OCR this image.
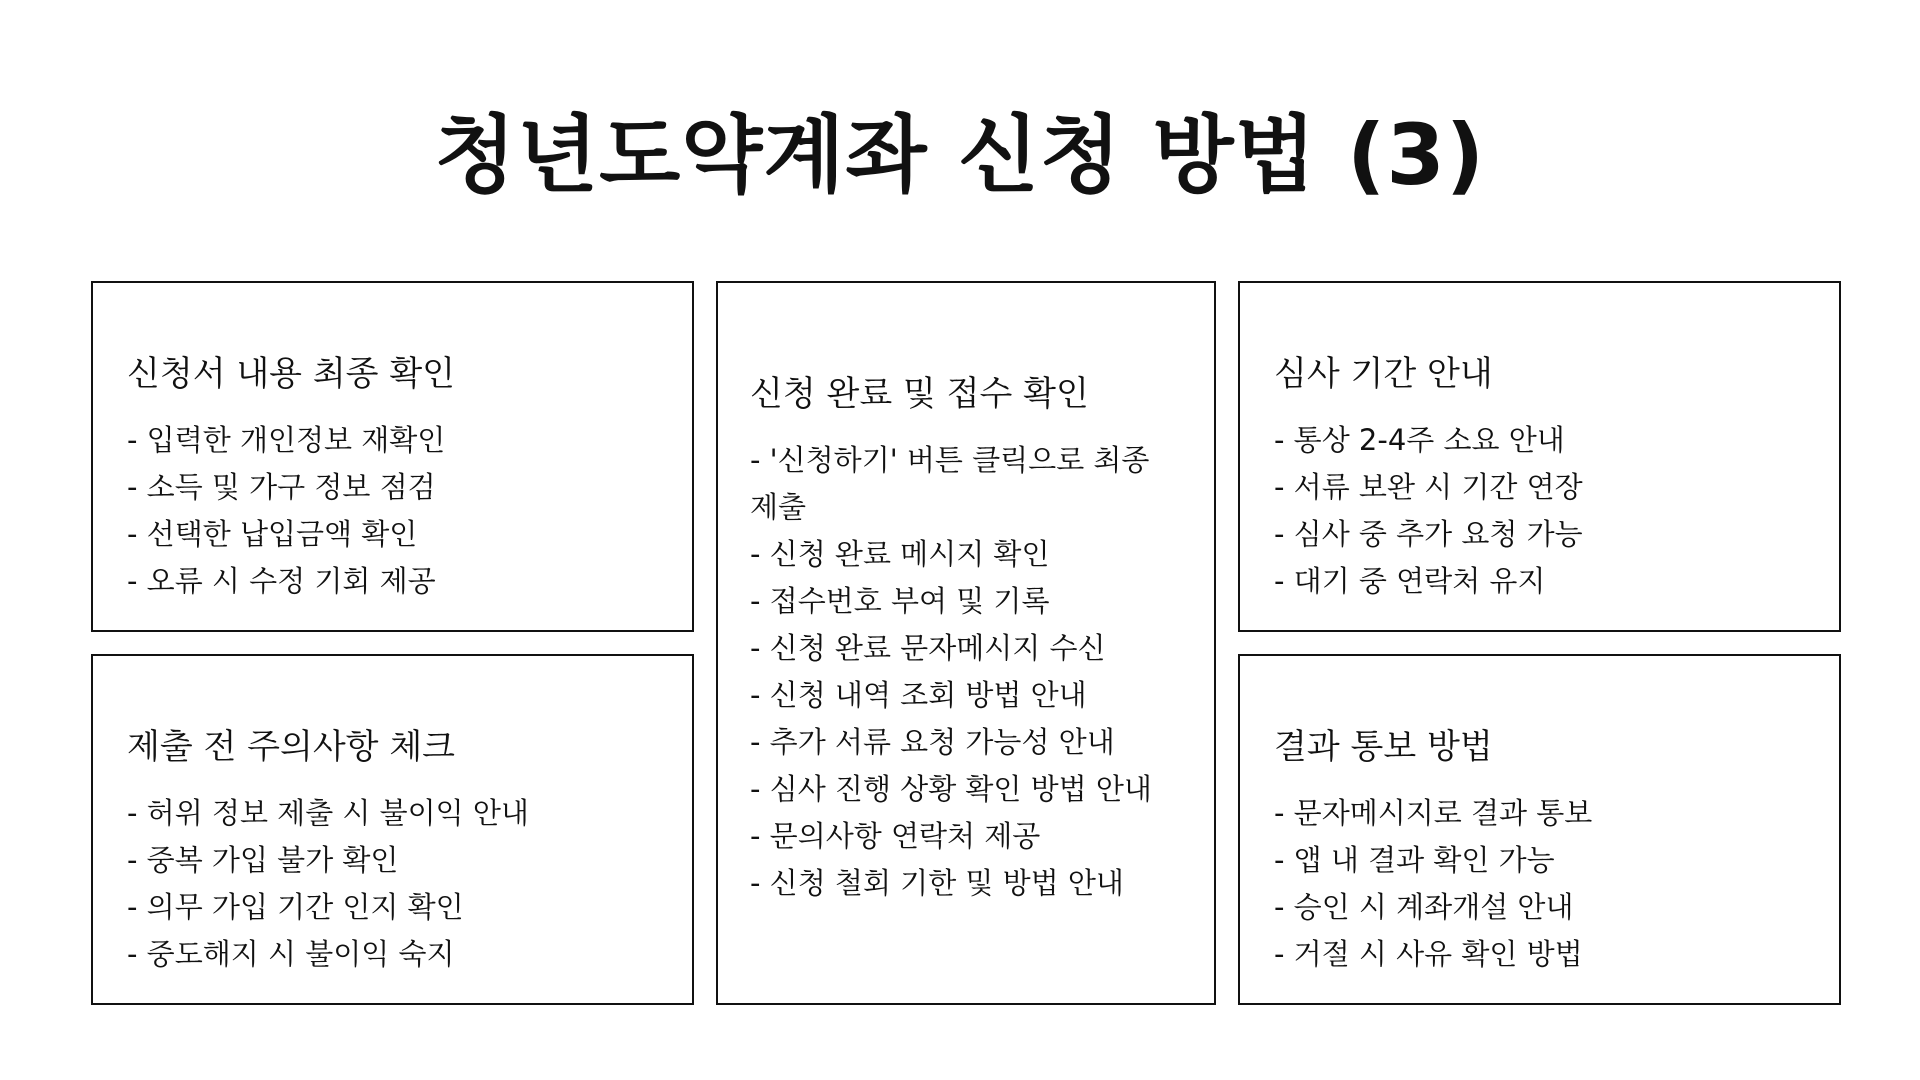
청년도약계좌 신청 방법 (3)
신청서 내용 최종 확인
- 입력한 개인정보 재확인
- 소득 및 가구 정보 점검
- 선택한 납입금액 확인
- 오류 시 수정 기회 제공
제출 전 주의사항 체크
- 허위 정보 제출 시 불이익 안내
- 중복 가입 불가 확인
- 의무 가입 기간 인지 확인
- 중도해지 시 불이익 숙지
신청 완료 및 접수 확인
- '신청하기' 버튼 클릭으로 최종 제출
- 신청 완료 메시지 확인
- 접수번호 부여 및 기록
- 신청 완료 문자메시지 수신
- 신청 내역 조회 방법 안내
- 추가 서류 요청 가능성 안내
- 심사 진행 상황 확인 방법 안내
- 문의사항 연락처 제공
- 신청 철회 기한 및 방법 안내
심사 기간 안내
- 통상 2-4주 소요 안내
- 서류 보완 시 기간 연장
- 심사 중 추가 요청 가능
- 대기 중 연락처 유지
결과 통보 방법
- 문자메시지로 결과 통보
- 앱 내 결과 확인 가능
- 승인 시 계좌개설 안내
- 거절 시 사유 확인 방법
